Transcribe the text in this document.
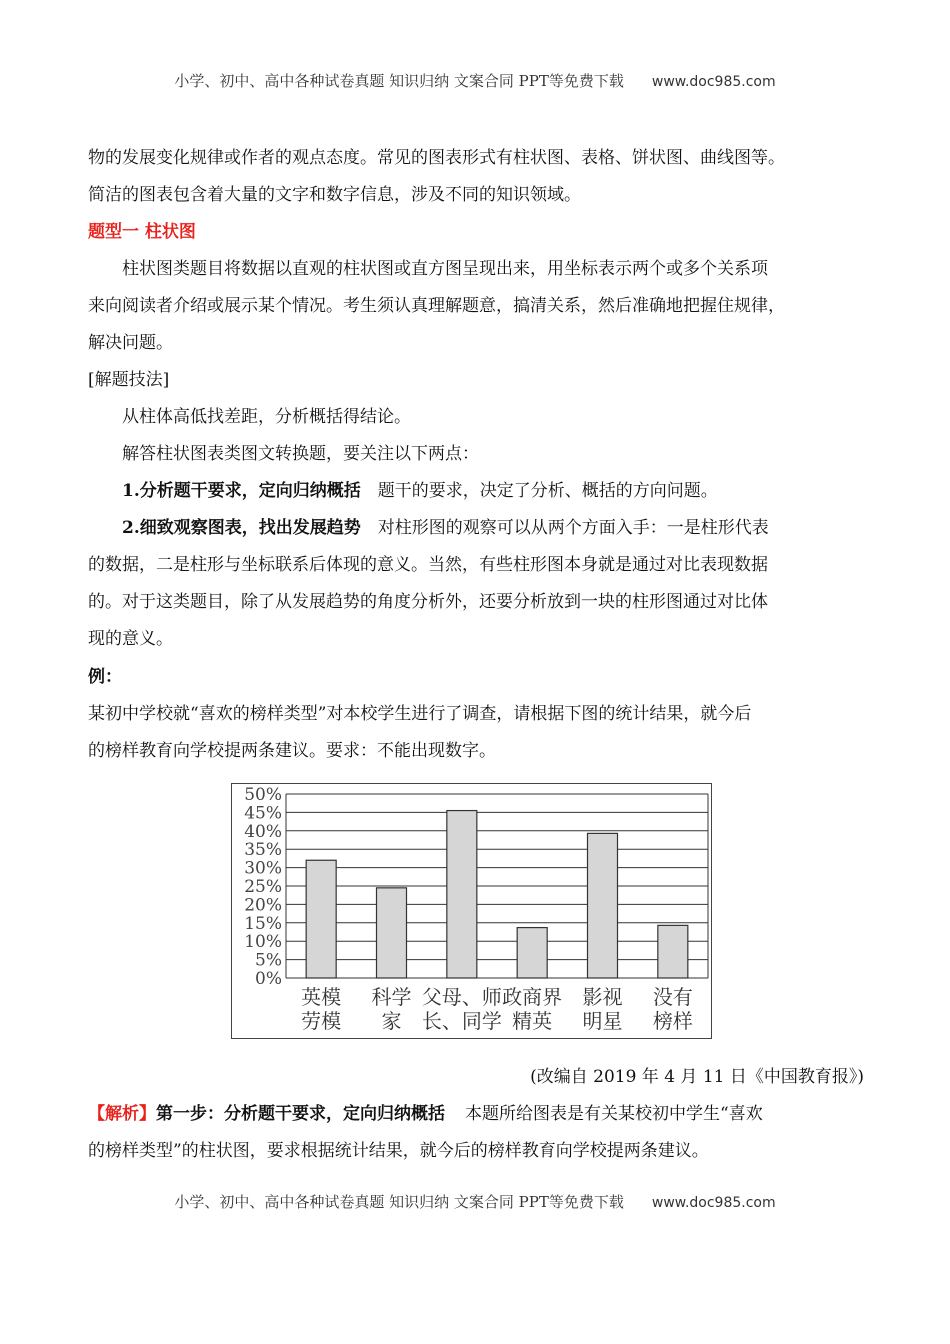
小学、初中、高中各种试卷真题 知识归纳 文案合同 PPT等免费下载 www.doc985.com
物的发展变化规律或作者的观点态度。常见的图表形式有柱状图、表格、饼状图、曲线图等。
简洁的图表包含着大量的文字和数字信息，涉及不同的知识领域。
题型一 柱状图
柱状图类题目将数据以直观的柱状图或直方图呈现出来，用坐标表示两个或多个关系项
来向阅读者介绍或展示某个情况。考生须认真理解题意，搞清关系，然后准确地把握住规律，
解决问题。
[解题技法]
从柱体高低找差距，分析概括得结论。
解答柱状图表类图文转换题，要关注以下两点：
1.分析题干要求，定向归纳概括 题干的要求，决定了分析、概括的方向问题。
2.细致观察图表，找出发展趋势 对柱形图的观察可以从两个方面入手：一是柱形代表
的数据，二是柱形与坐标联系后体现的意义。当然，有些柱形图本身就是通过对比表现数据
的。对于这类题目，除了从发展趋势的角度分析外，还要分析放到一块的柱形图通过对比体
现的意义。
例：
某初中学校就“喜欢的榜样类型”对本校学生进行了调查，请根据下图的统计结果，就今后
的榜样教育向学校提两条建议。要求：不能出现数字。
0%
5%
10%
15%
20%
25%
30%
35%
40%
45%
50%
英模
劳模
科学
家
父母、师
长、同学
政商界
精英
影视
明星
没有
榜样
(改编自 2019 年 4 月 11 日《中国教育报》)
【解析】第一步：分析题干要求，定向归纳概括 本题所给图表是有关某校初中学生“喜欢
的榜样类型”的柱状图，要求根据统计结果，就今后的榜样教育向学校提两条建议。
小学、初中、高中各种试卷真题 知识归纳 文案合同 PPT等免费下载 www.doc985.com
